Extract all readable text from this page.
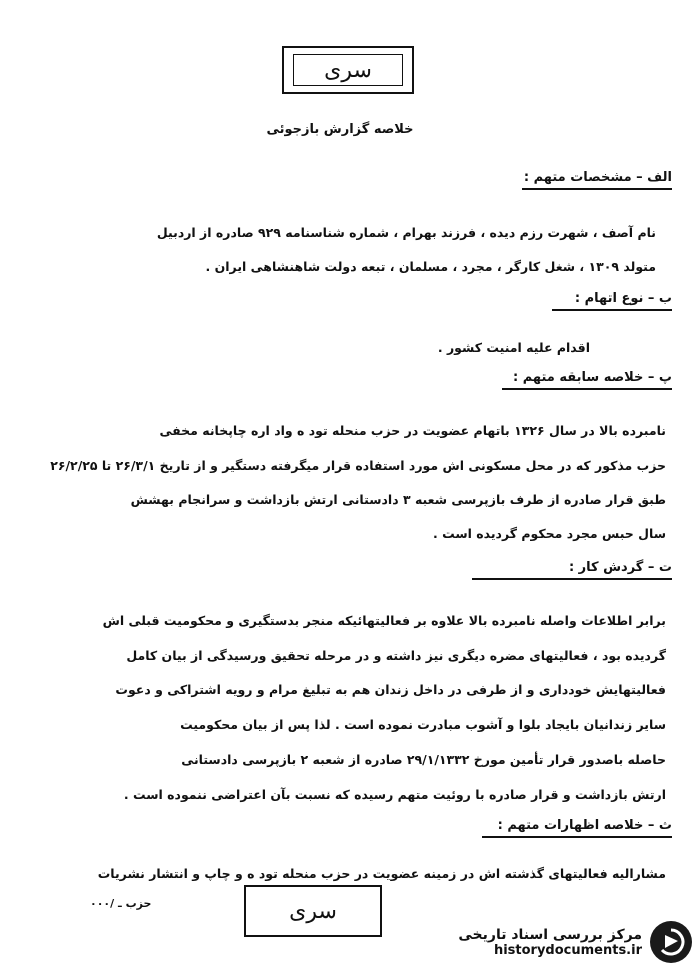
سری
خلاصه گزارش بازجوئی
الف – مشخصات متهم :
نام آصف ، شهرت رزم دیده ، فرزند بهرام ، شماره شناسنامه ۹۲۹ صادره از اردبیل
متولد ۱۳۰۹ ، شغل کارگر ، مجرد ، مسلمان ، تبعه دولت شاهنشاهی ایران .
ب – نوع اتهام :
اقدام علیه امنیت کشور .
پ – خلاصه سابقه متهم :
نامبرده بالا در سال ۱۳۲۶ باتهام عضویت در حزب منحله تود ه واد اره چاپخانه مخفی
حزب مذکور که در محل مسکونی اش مورد استفاده قرار میگرفته دستگیر و از تاریخ ۲۶/۳/۱ تا ۲۶/۲/۲۵
طبق قرار صادره از طرف بازپرسی شعبه ۳ دادستانی ارتش بازداشت و سرانجام بهشش
سال حبس مجرد محکوم گردیده است .
ت – گردش کار :
برابر اطلاعات واصله نامبرده بالا علاوه بر فعالیتهائیکه منجر بدستگیری و محکومیت قبلی اش
گردیده بود ، فعالیتهای مضره دیگری نیز داشته و در مرحله تحقیق ورسیدگی از بیان کامل
فعالیتهایش خودداری و از طرفی در داخل زندان هم به تبلیغ مرام و رویه اشتراکی و دعوت
سایر زندانیان بایجاد بلوا و آشوب مبادرت نموده است . لذا پس از بیان محکومیت
حاصله باصدور قرار تأمین مورخ ۲۹/۱/۱۳۳۲ صادره از شعبه ۲ بازپرسی دادستانی
ارتش بازداشت و قرار صادره با روئیت متهم رسیده که نسبت بآن اعتراضی ننموده است .
ث – خلاصه اظهارات متهم :
مشارالیه فعالیتهای گذشته اش در زمینه عضویت در حزب منحله تود ه و چاپ و انتشار نشریات
حزب ـ /۰۰۰	سری
مرکز بررسی اسناد تاریخی
historydocuments.ir
